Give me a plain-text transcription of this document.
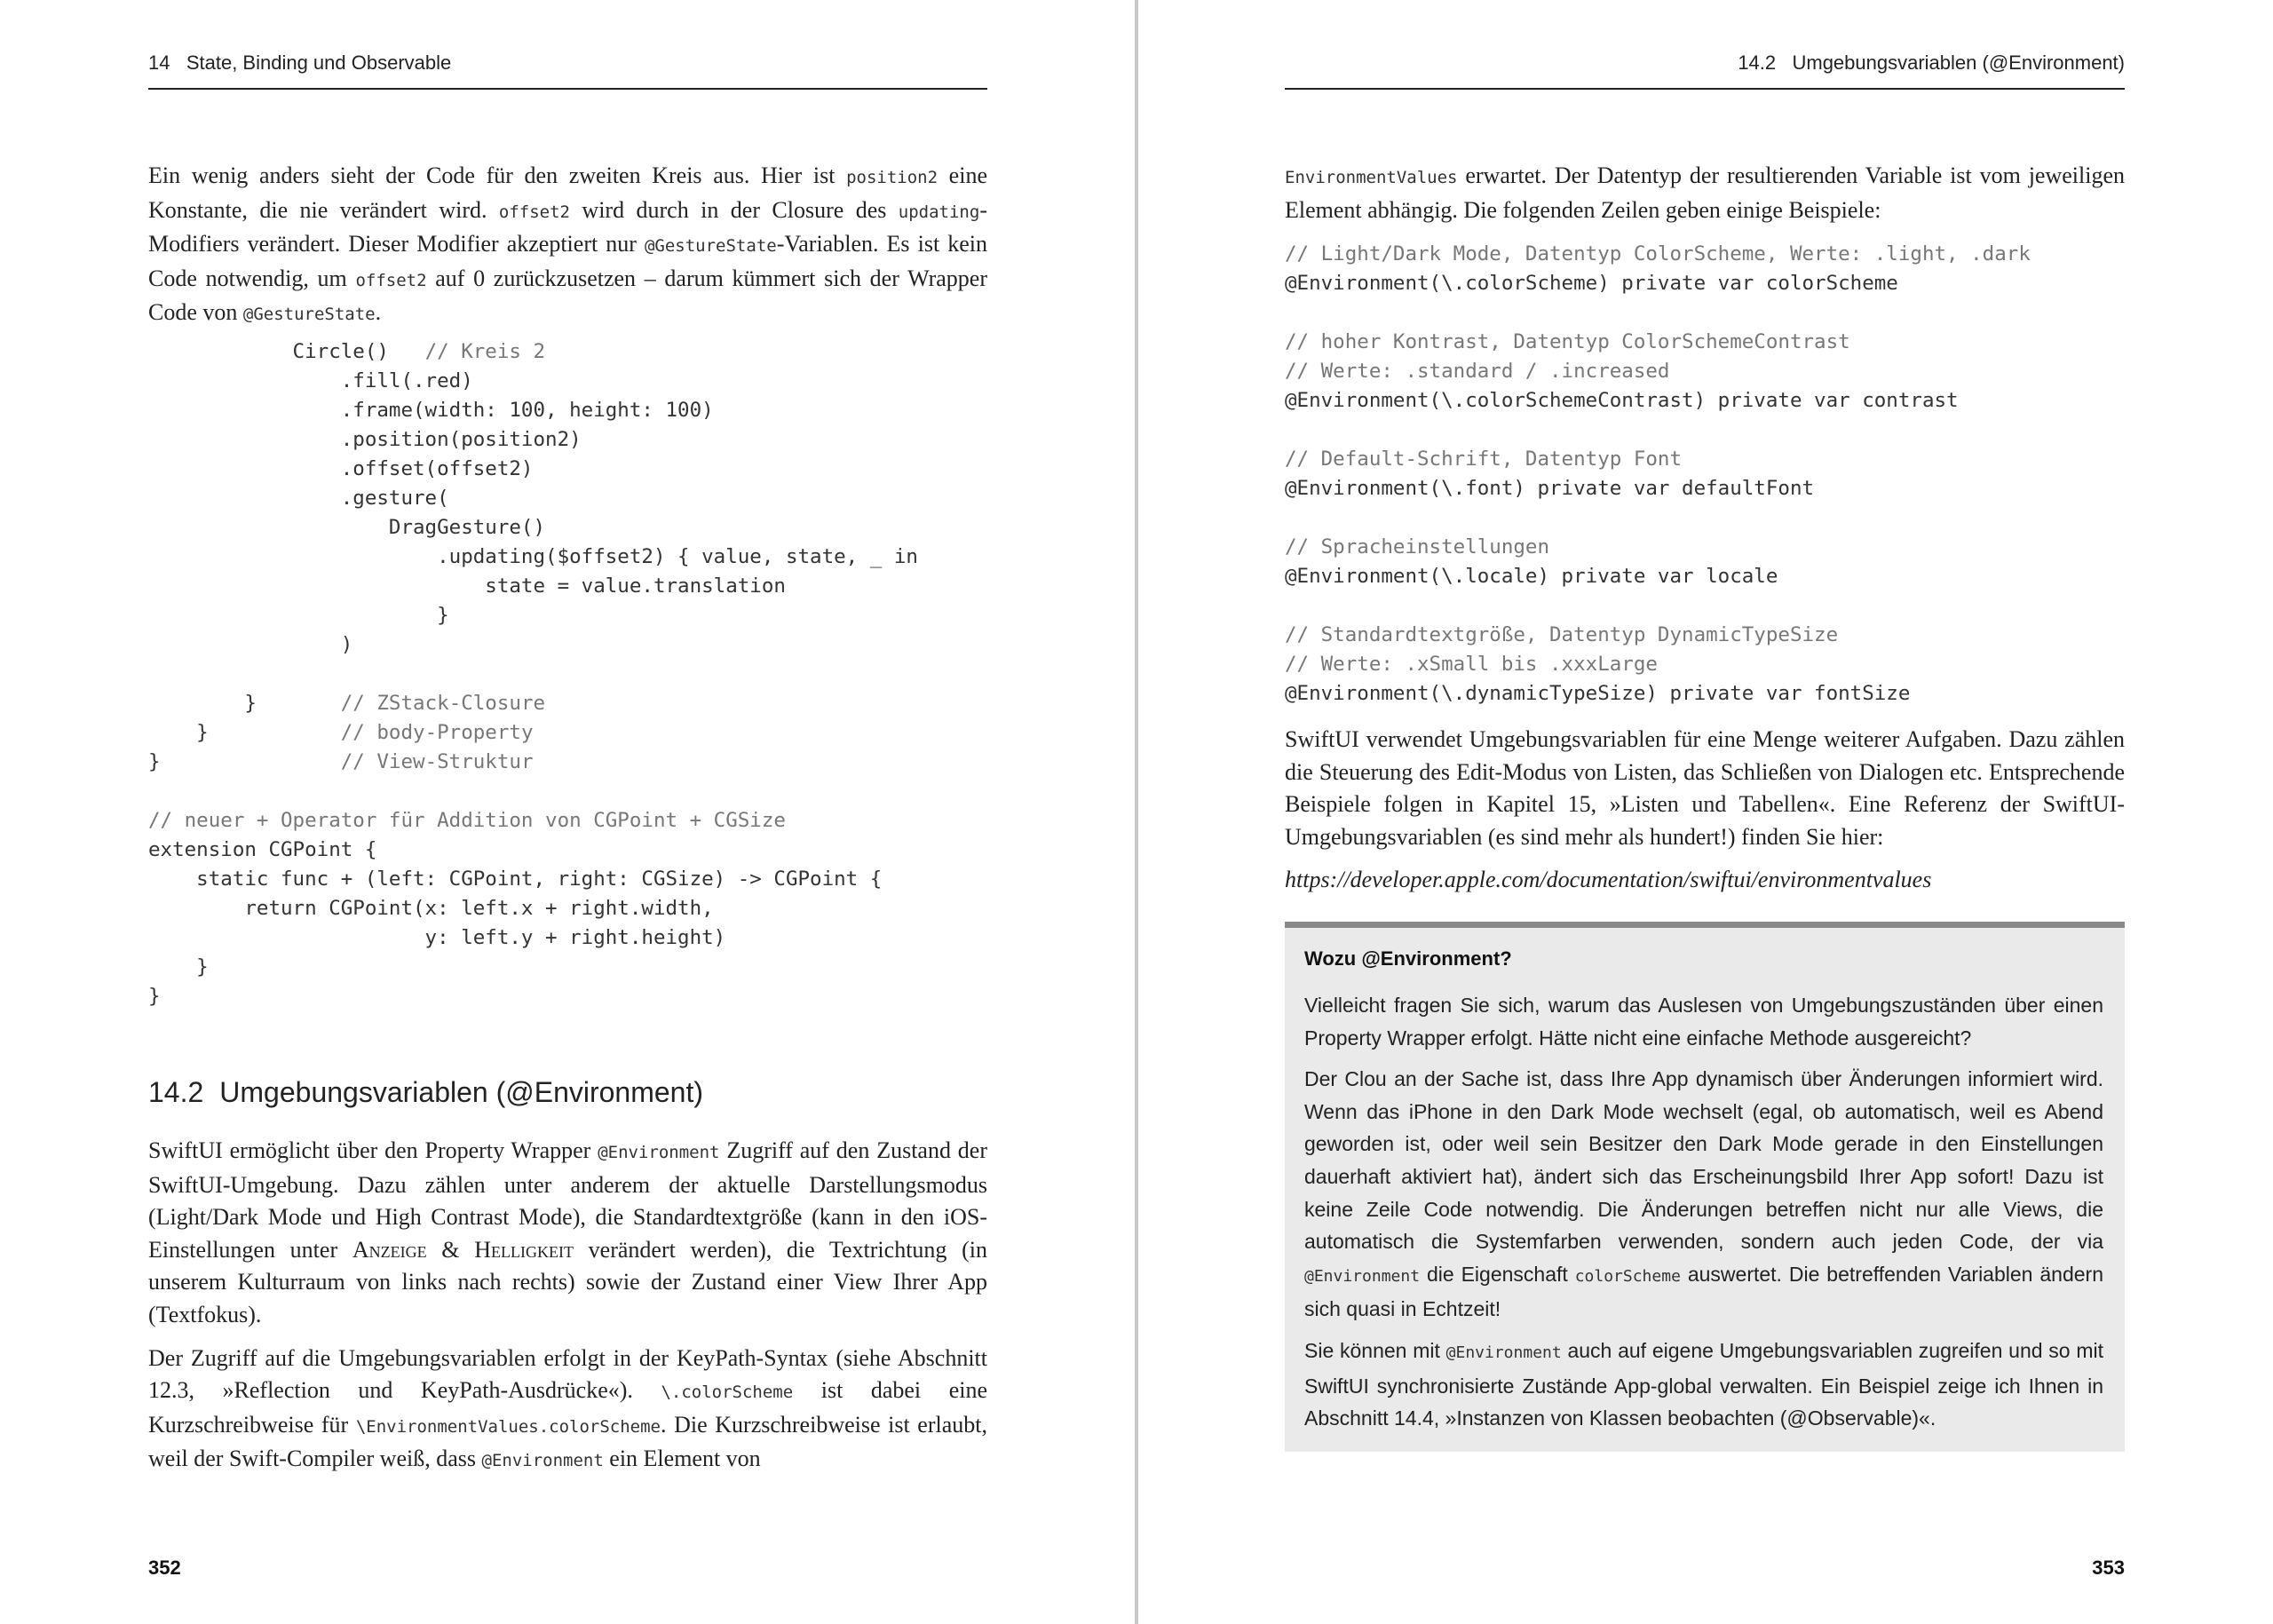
14 State, Binding und Observable

Ein wenig anders sieht der Code für den zweiten Kreis aus. Hier ist position2 eine Konstante, die nie verändert wird. offset2 wird durch in der Closure des updating-Modifiers verändert. Dieser Modifier akzeptiert nur @GestureState-Variablen. Es ist kein Code notwendig, um offset2 auf 0 zurückzusetzen – darum kümmert sich der Wrapper Code von @GestureState.

Circle()   // Kreis 2
.fill(.red)
.frame(width: 100, height: 100)
.position(position2)
.offset(offset2)
.gesture(
DragGesture()
.updating($offset2) { value, state, _ in
state = value.translation
}
)

}       // ZStack-Closure
}           // body-Property
}               // View-Struktur

// neuer + Operator für Addition von CGPoint + CGSize
extension CGPoint {
static func + (left: CGPoint, right: CGSize) -> CGPoint {
return CGPoint(x: left.x + right.width,
y: left.y + right.height)
}
}
14.2 Umgebungsvariablen (@Environment)

SwiftUI ermöglicht über den Property Wrapper @Environment Zugriff auf den Zustand der SwiftUI-Umgebung. Dazu zählen unter anderem der aktuelle Darstellungsmodus (Light/Dark Mode und High Contrast Mode), die Standardtextgröße (kann in den iOS-Einstellungen unter Anzeige & Helligkeit verändert werden), die Textrichtung (in unserem Kulturraum von links nach rechts) sowie der Zustand einer View Ihrer App (Textfokus).

Der Zugriff auf die Umgebungsvariablen erfolgt in der KeyPath-Syntax (siehe Abschnitt 12.3, »Reflection und KeyPath-Ausdrücke«). \.colorScheme ist dabei eine Kurzschreibweise für \EnvironmentValues.colorScheme. Die Kurzschreibweise ist erlaubt, weil der Swift-Compiler weiß, dass @Environment ein Element von

352
14.2 Umgebungsvariablen (@Environment)

EnvironmentValues erwartet. Der Datentyp der resultierenden Variable ist vom jeweiligen Element abhängig. Die folgenden Zeilen geben einige Beispiele:

// Light/Dark Mode, Datentyp ColorScheme, Werte: .light, .dark
@Environment(\.colorScheme) private var colorScheme

// hoher Kontrast, Datentyp ColorSchemeContrast
// Werte: .standard / .increased
@Environment(\.colorSchemeContrast) private var contrast

// Default-Schrift, Datentyp Font
@Environment(\.font) private var defaultFont

// Spracheinstellungen
@Environment(\.locale) private var locale

// Standardtextgröße, Datentyp DynamicTypeSize
// Werte: .xSmall bis .xxxLarge
@Environment(\.dynamicTypeSize) private var fontSize

SwiftUI verwendet Umgebungsvariablen für eine Menge weiterer Aufgaben. Dazu zählen die Steuerung des Edit-Modus von Listen, das Schließen von Dialogen etc. Entsprechende Beispiele folgen in Kapitel 15, »Listen und Tabellen«. Eine Referenz der SwiftUI-Umgebungsvariablen (es sind mehr als hundert!) finden Sie hier:

https://developer.apple.com/documentation/swiftui/environmentvalues
Wozu @Environment?

Vielleicht fragen Sie sich, warum das Auslesen von Umgebungszuständen über einen Property Wrapper erfolgt. Hätte nicht eine einfache Methode ausgereicht?

Der Clou an der Sache ist, dass Ihre App dynamisch über Änderungen informiert wird. Wenn das iPhone in den Dark Mode wechselt (egal, ob automatisch, weil es Abend geworden ist, oder weil sein Besitzer den Dark Mode gerade in den Einstellungen dauerhaft aktiviert hat), ändert sich das Erscheinungsbild Ihrer App sofort! Dazu ist keine Zeile Code notwendig. Die Änderungen betreffen nicht nur alle Views, die automatisch die Systemfarben verwenden, sondern auch jeden Code, der via @Environment die Eigenschaft colorScheme auswertet. Die betreffenden Variablen ändern sich quasi in Echtzeit!

Sie können mit @Environment auch auf eigene Umgebungsvariablen zugreifen und so mit SwiftUI synchronisierte Zustände App-global verwalten. Ein Beispiel zeige ich Ihnen in Abschnitt 14.4, »Instanzen von Klassen beobachten (@Observable)«.

353
